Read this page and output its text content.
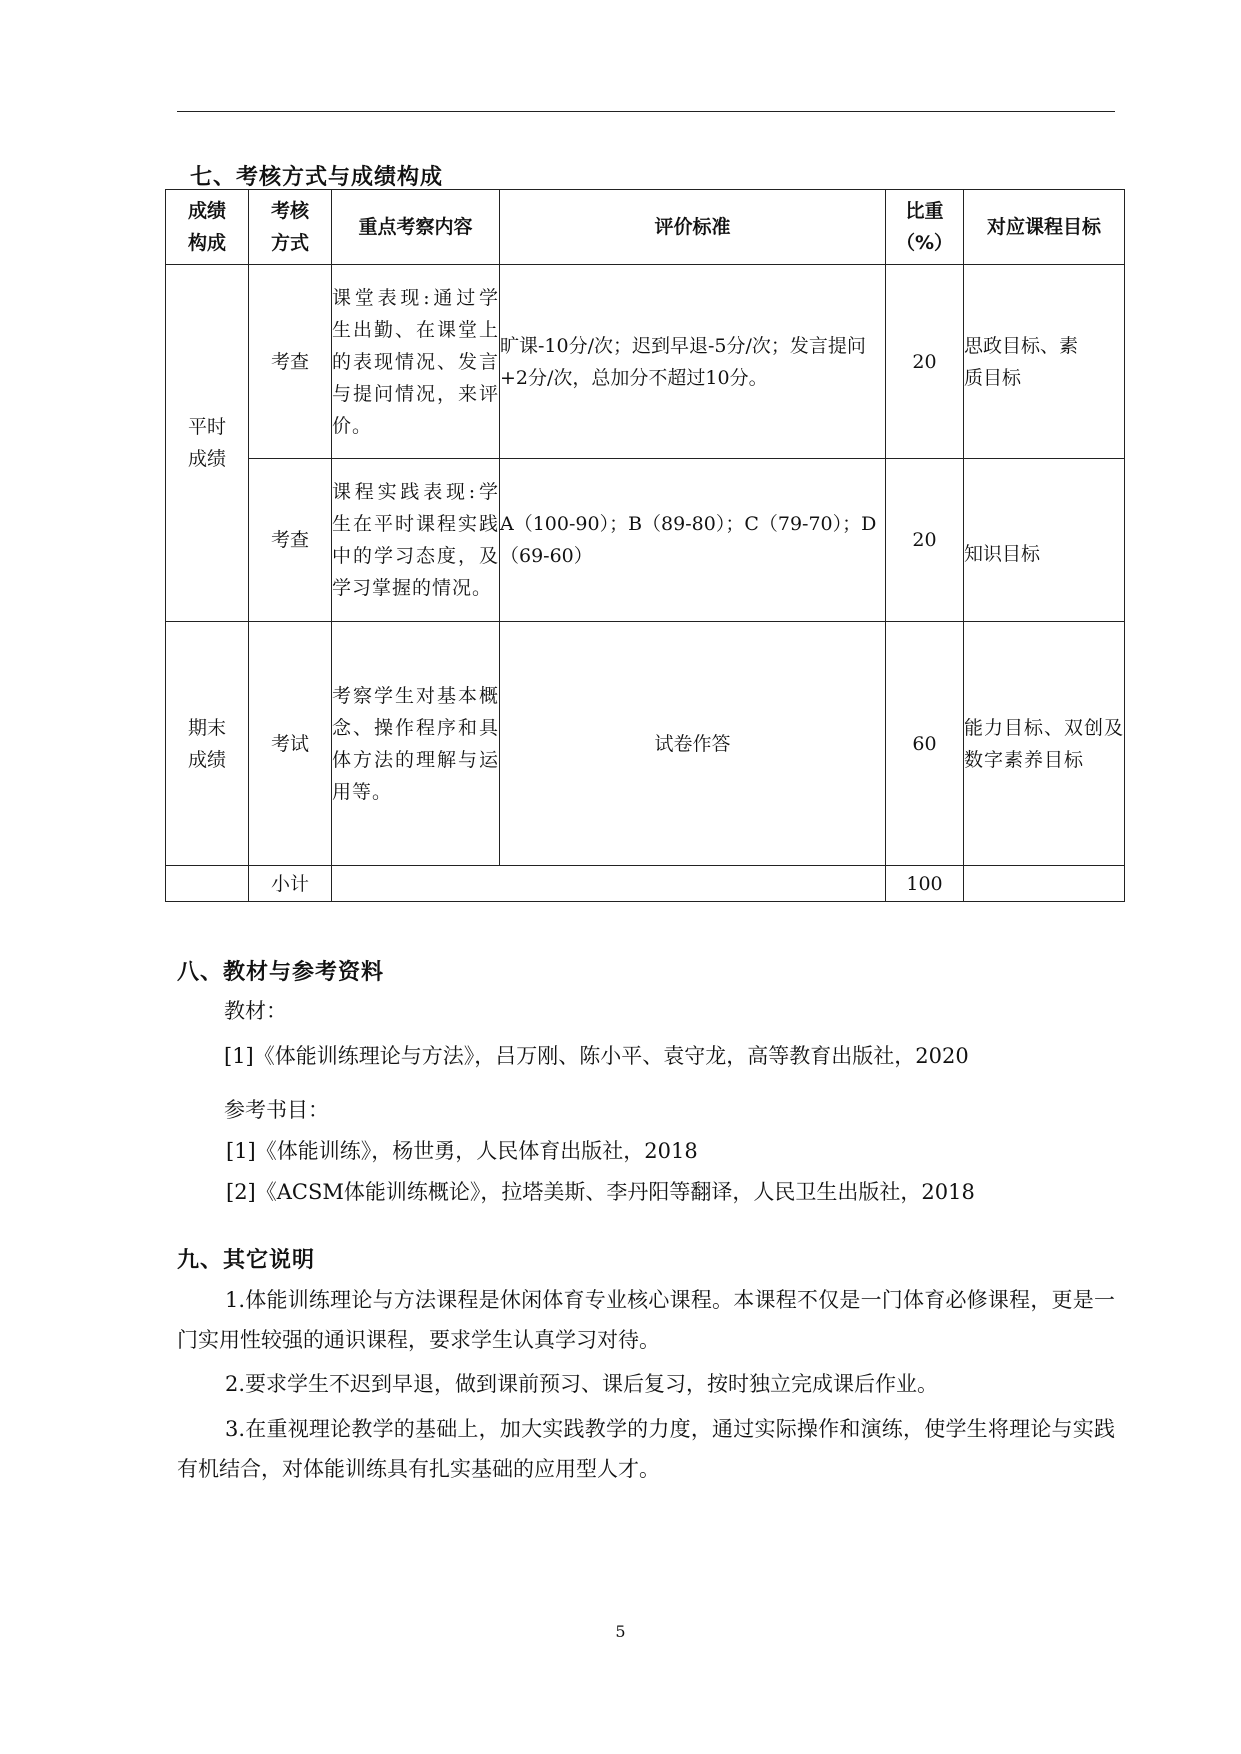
七、考核方式与成绩构成
成绩构成	考核方式	重点考察内容	评价标准	比重（%）	对应课程目标
平时成绩	考查	课堂表现:通过学生出勤、在课堂上的表现情况、发言与提问情况，来评价。	旷课-10分/次；迟到早退-5分/次；发言提问+2分/次，总加分不超过10分。	20	思政目标、素质目标
	考查	课程实践表现:学生在平时课程实践中的学习态度，及学习掌握的情况。	A（100-90）；B（89-80）；C（79-70）；D（69-60）	20	知识目标
期末成绩	考试	考察学生对基本概念、操作程序和具体方法的理解与运用等。	试卷作答	60	能力目标、双创及数字素养目标
	小计			100	
八、教材与参考资料
教材：
[1]《体能训练理论与方法》，吕万刚、陈小平、袁守龙，高等教育出版社，2020
参考书目：
[1]《体能训练》，杨世勇，人民体育出版社，2018
[2]《ACSM体能训练概论》，拉塔美斯、李丹阳等翻译，人民卫生出版社，2018
九、其它说明
1.体能训练理论与方法课程是休闲体育专业核心课程。本课程不仅是一门体育必修课程，更是一门实用性较强的通识课程，要求学生认真学习对待。
2.要求学生不迟到早退，做到课前预习、课后复习，按时独立完成课后作业。
3.在重视理论教学的基础上，加大实践教学的力度，通过实际操作和演练，使学生将理论与实践有机结合，对体能训练具有扎实基础的应用型人才。
5
